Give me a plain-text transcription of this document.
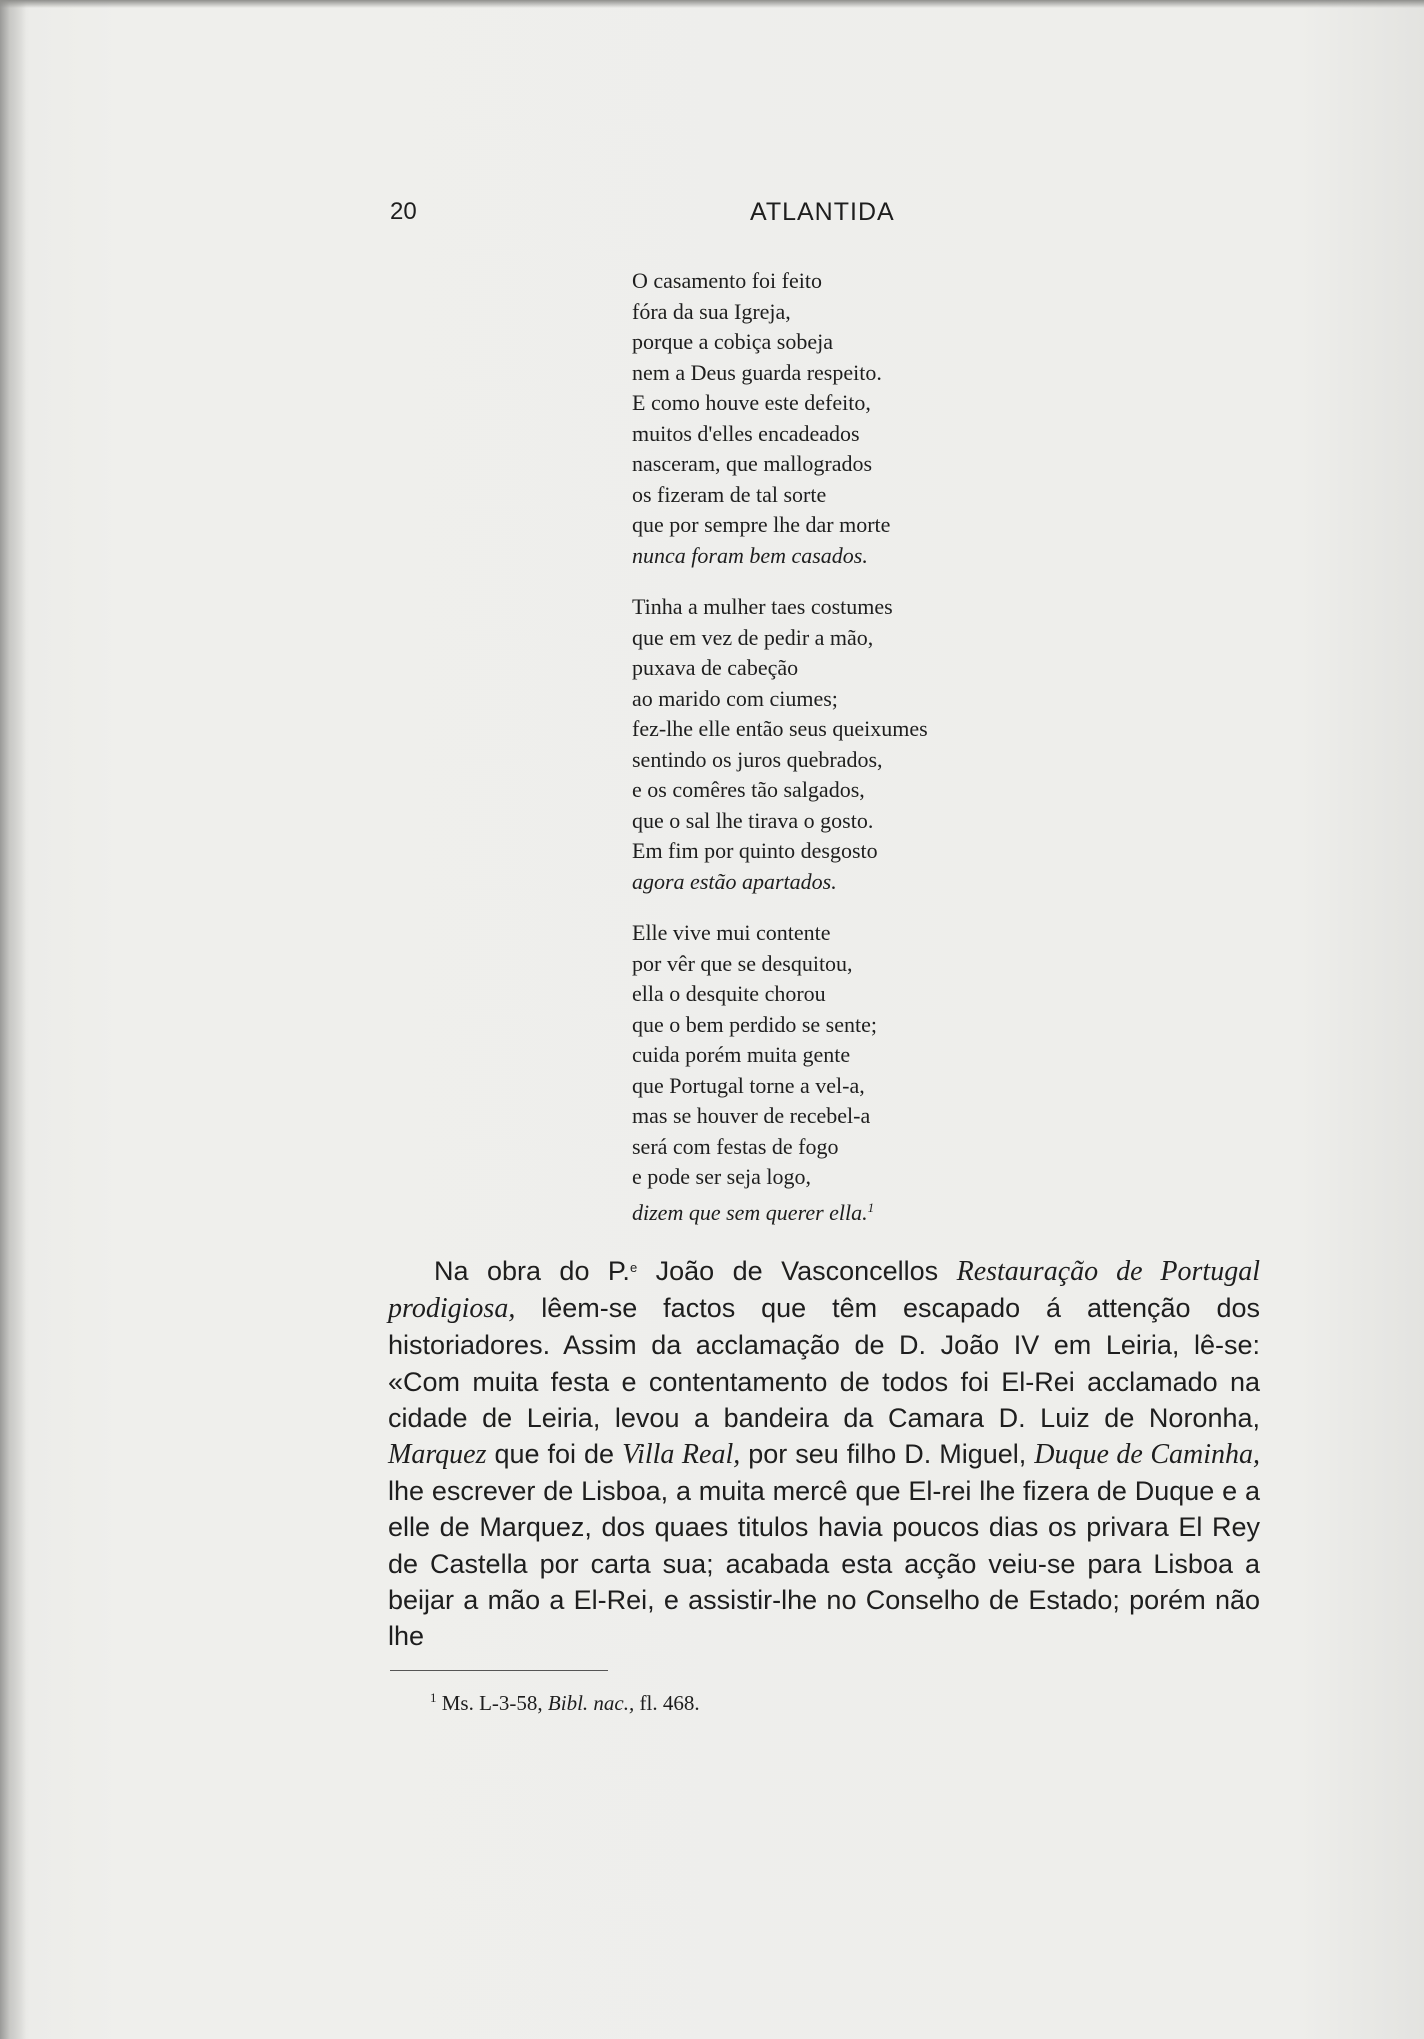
20	ATLANTIDA
O casamento foi feito
fóra da sua Igreja,
porque a cobiça sobeja
nem a Deus guarda respeito.
E como houve este defeito,
muitos d'elles encadeados
nasceram, que mallogrados
os fizeram de tal sorte
que por sempre lhe dar morte
nunca foram bem casados.
Tinha a mulher taes costumes
que em vez de pedir a mão,
puxava de cabeção
ao marido com ciumes;
fez-lhe elle então seus queixumes
sentindo os juros quebrados,
e os comêres tão salgados,
que o sal lhe tirava o gosto.
Em fim por quinto desgosto
agora estão apartados.
Elle vive mui contente
por vêr que se desquitou,
ella o desquite chorou
que o bem perdido se sente;
cuida porém muita gente
que Portugal torne a vel-a,
mas se houver de recebel-a
será com festas de fogo
e pode ser seja logo,
dizem que sem querer ella.$^1$
Na obra do P.$^e$ João de Vasconcellos Restauração de Portugal prodigiosa, lêem-se factos que têm escapado á attenção dos historiadores. Assim da acclamação de D. João IV em Leiria, lê-se: «Com muita festa e contentamento de todos foi El-Rei acclamado na cidade de Leiria, levou a bandeira da Camara D. Luiz de Noronha, Marquez que foi de Villa Real, por seu filho D. Miguel, Duque de Caminha, lhe escrever de Lisboa, a muita mercê que El-rei lhe fizera de Duque e a elle de Marquez, dos quaes titulos havia poucos dias os privara El Rey de Castella por carta sua; acabada esta acção veiu-se para Lisboa a beijar a mão a El-Rei, e assistir-lhe no Conselho de Estado; porém não lhe
$^1$ Ms. L-3-58, Bibl. nac., fl. 468.
